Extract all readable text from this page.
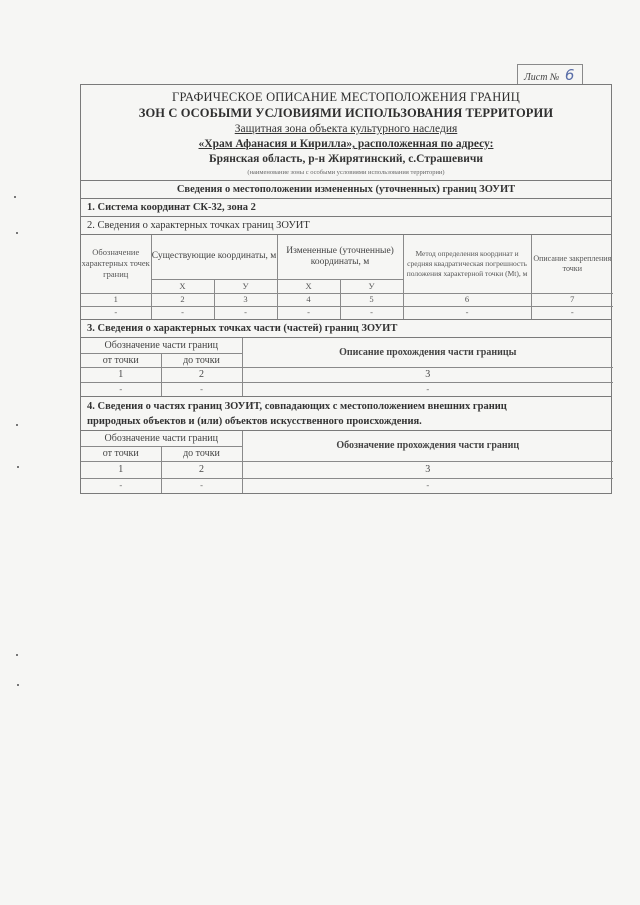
Лист № 6
ГРАФИЧЕСКОЕ ОПИСАНИЕ МЕСТОПОЛОЖЕНИЯ ГРАНИЦ
ЗОН С ОСОБЫМИ УСЛОВИЯМИ ИСПОЛЬЗОВАНИЯ ТЕРРИТОРИИ
Защитная зона объекта культурного наследия
«Храм Афанасия и Кирилла», расположенная по адресу:
Брянская область, р-н Жирятинский, с.Страшевичи
(наименование зоны с особыми условиями использования территории)
Сведения о местоположении измененных (уточненных) границ ЗОУИТ
1. Система координат СК-32, зона 2
2. Сведения о характерных точках границ ЗОУИТ
Обозначение характерных точек границ	Существующие координаты, м		Измененные (уточненные) координаты, м		Метод определения координат и средняя квадратическая погрешность положения характерной точки (Mt), м	Описание закрепления точки
	X	У	X	У		
1	2	3	4	5	6	7
-	-	-	-	-	-	-
3. Сведения о характерных точках части (частей) границ ЗОУИТ
Обозначение части границ		Описание прохождения части границы
от точки	до точки	
1	2	3
-	-	-
4. Сведения о частях границ ЗОУИТ, совпадающих с местоположением внешних границ
природных объектов и (или) объектов искусственного происхождения.
Обозначение части границ		Обозначение прохождения части границ
от точки	до точки	
1	2	3
-	-	-
